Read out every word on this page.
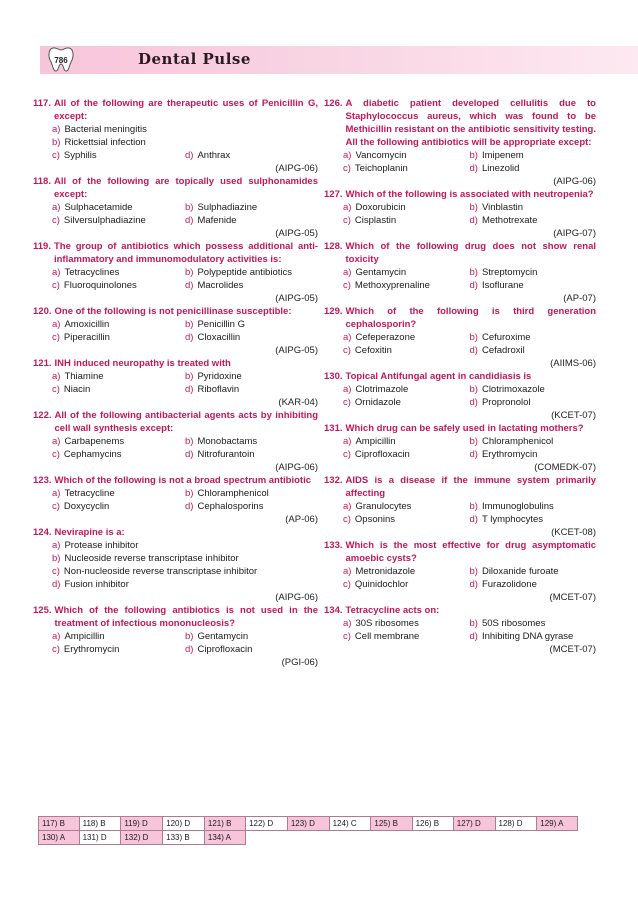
786	Dental Pulse
117. All of the following are therapeutic uses of Penicillin G, except:
a) Bacterial meningitis
b) Rickettsial infection
c) Syphilis	d) Anthrax
(AIPG-06)
118. All of the following are topically used sulphonamides except:
a) Sulphacetamide	b) Sulphadiazine
c) Silversulphadiazine	d) Mafenide
(AIPG-05)
119. The group of antibiotics which possess additional anti-inflammatory and immunomodulatory activities is:
a) Tetracyclines	b) Polypeptide antibiotics
c) Fluoroquinolones	d) Macrolides
(AIPG-05)
120. One of the following is not penicillinase susceptible:
a) Amoxicillin	b) Penicillin G
c) Piperacillin	d) Cloxacillin
(AIPG-05)
121. INH induced neuropathy is treated with
a) Thiamine	b) Pyridoxine
c) Niacin	d) Riboflavin
(KAR-04)
122. All of the following antibacterial agents acts by inhibiting cell wall synthesis except:
a) Carbapenems	b) Monobactams
c) Cephamycins	d) Nitrofurantoin
(AIPG-06)
123. Which of the following is not a broad spectrum antibiotic
a) Tetracycline	b) Chloramphenicol
c) Doxycyclin	d) Cephalosporins
(AP-06)
124. Nevirapine is a:
a) Protease inhibitor
b) Nucleoside reverse transcriptase inhibitor
c) Non-nucleoside reverse transcriptase inhibitor
d) Fusion inhibitor
(AIPG-06)
125. Which of the following antibiotics is not used in the treatment of infectious mononucleosis?
a) Ampicillin	b) Gentamycin
c) Erythromycin	d) Ciprofloxacin
(PGI-06)
126. A diabetic patient developed cellulitis due to Staphylococcus aureus, which was found to be Methicillin resistant on the antibiotic sensitivity testing. All the following antibiotics will be appropriate except:
a) Vancomycin	b) Imipenem
c) Teichoplanin	d) Linezolid
(AIPG-06)
127. Which of the following is associated with neutropenia?
a) Doxorubicin	b) Vinblastin
c) Cisplastin	d) Methotrexate
(AIPG-07)
128. Which of the following drug does not show renal toxicity
a) Gentamycin	b) Streptomycin
c) Methoxyprenaline	d) Isoflurane
(AP-07)
129. Which of the following is third generation cephalosporin?
a) Cefeperazone	b) Cefuroxime
c) Cefoxitin	d) Cefadroxil
(AIIMS-06)
130. Topical Antifungal agent in candidiasis is
a) Clotrimazole	b) Clotrimoxazole
c) Ornidazole	d) Propronolol
(KCET-07)
131. Which drug can be safely used in lactating mothers?
a) Ampicillin	b) Chloramphenicol
c) Ciprofloxacin	d) Erythromycin
(COMEDK-07)
132. AIDS is a disease if the immune system primarily affecting
a) Granulocytes	b) Immunoglobulins
c) Opsonins	d) T lymphocytes
(KCET-08)
133. Which is the most effective for drug asymptomatic amoebic cysts?
a) Metronidazole	b) Diloxanide furoate
c) Quinidochlor	d) Furazolidone
(MCET-07)
134. Tetracycline acts on:
a) 30S ribosomes	b) 50S ribosomes
c) Cell membrane	d) Inhibiting DNA gyrase
(MCET-07)
117) B	118) B	119) D	120) D	121) B	122) D	123) D	124) C	125) B	126) B	127) D	128) D	129) A
130) A	131) D	132) D	133) B	134) A								
